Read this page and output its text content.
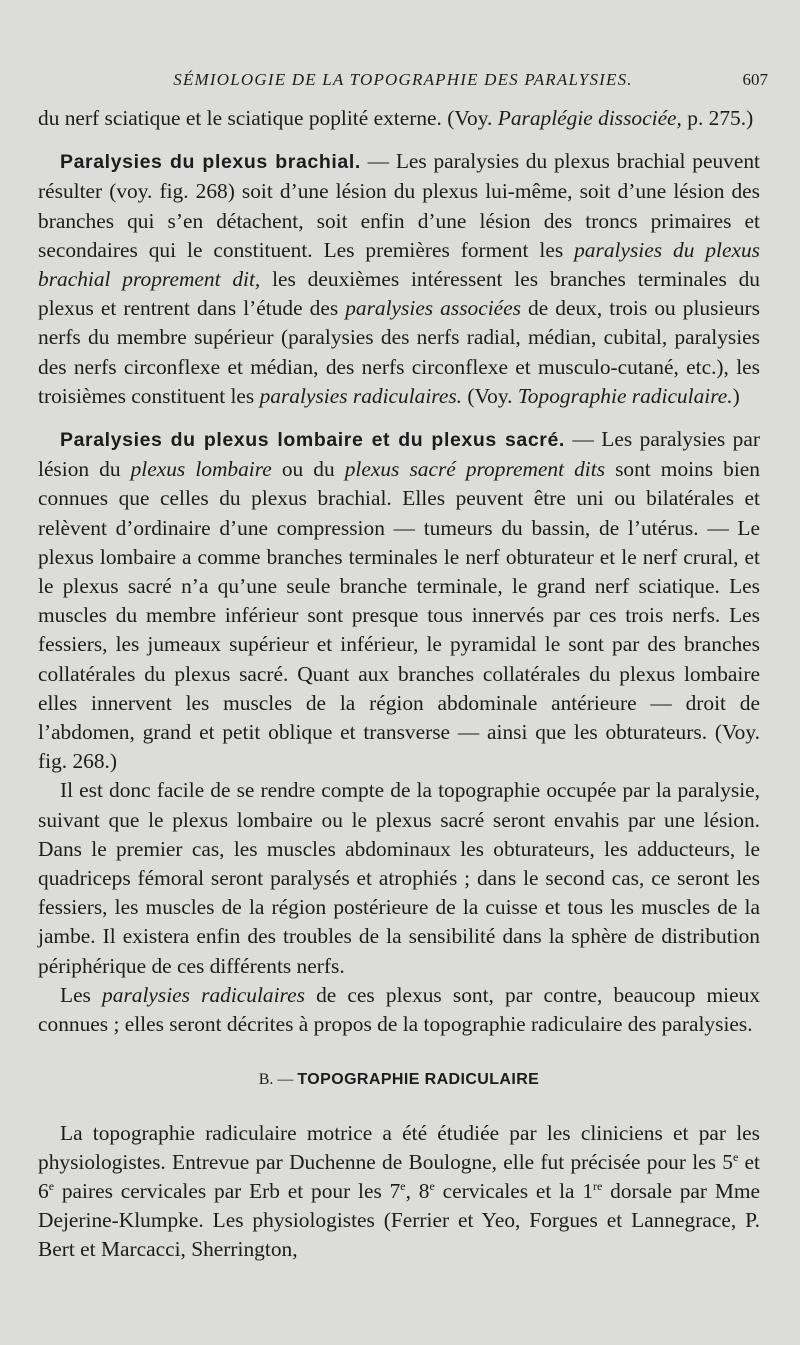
SÉMIOLOGIE DE LA TOPOGRAPHIE DES PARALYSIES.	607

du nerf sciatique et le sciatique poplité externe. (Voy. Paraplégie dissociée, p. 275.)

Paralysies du plexus brachial. — Les paralysies du plexus brachial peuvent résulter (voy. fig. 268) soit d’une lésion du plexus lui-même, soit d’une lésion des branches qui s’en détachent, soit enfin d’une lésion des troncs primaires et secondaires qui le constituent. Les premières forment les paralysies du plexus brachial proprement dit, les deuxièmes intéressent les branches terminales du plexus et rentrent dans l’étude des paralysies associées de deux, trois ou plusieurs nerfs du membre supérieur (paralysies des nerfs radial, médian, cubital, paralysies des nerfs circonflexe et médian, des nerfs circonflexe et musculo-cutané, etc.), les troisièmes constituent les paralysies radiculaires. (Voy. Topographie radiculaire.)

Paralysies du plexus lombaire et du plexus sacré. — Les paralysies par lésion du plexus lombaire ou du plexus sacré proprement dits sont moins bien connues que celles du plexus brachial. Elles peuvent être uni ou bilatérales et relèvent d’ordinaire d’une compression — tumeurs du bassin, de l’utérus. — Le plexus lombaire a comme branches terminales le nerf obturateur et le nerf crural, et le plexus sacré n’a qu’une seule branche terminale, le grand nerf sciatique. Les muscles du membre inférieur sont presque tous innervés par ces trois nerfs. Les fessiers, les jumeaux supérieur et inférieur, le pyramidal le sont par des branches collatérales du plexus sacré. Quant aux branches collatérales du plexus lombaire elles innervent les muscles de la région abdominale antérieure — droit de l’abdomen, grand et petit oblique et transverse — ainsi que les obturateurs. (Voy. fig. 268.)

Il est donc facile de se rendre compte de la topographie occupée par la paralysie, suivant que le plexus lombaire ou le plexus sacré seront envahis par une lésion. Dans le premier cas, les muscles abdominaux les obturateurs, les adducteurs, le quadriceps fémoral seront paralysés et atrophiés ; dans le second cas, ce seront les fessiers, les muscles de la région postérieure de la cuisse et tous les muscles de la jambe. Il existera enfin des troubles de la sensibilité dans la sphère de distribution périphérique de ces différents nerfs.

Les paralysies radiculaires de ces plexus sont, par contre, beaucoup mieux connues ; elles seront décrites à propos de la topographie radiculaire des paralysies.

B. — TOPOGRAPHIE RADICULAIRE

La topographie radiculaire motrice a été étudiée par les cliniciens et par les physiologistes. Entrevue par Duchenne de Boulogne, elle fut précisée pour les 5e et 6e paires cervicales par Erb et pour les 7e, 8e cervicales et la 1re dorsale par Mme Dejerine-Klumpke. Les physiologistes (Ferrier et Yeo, Forgues et Lannegrace, P. Bert et Marcacci, Sherrington,
